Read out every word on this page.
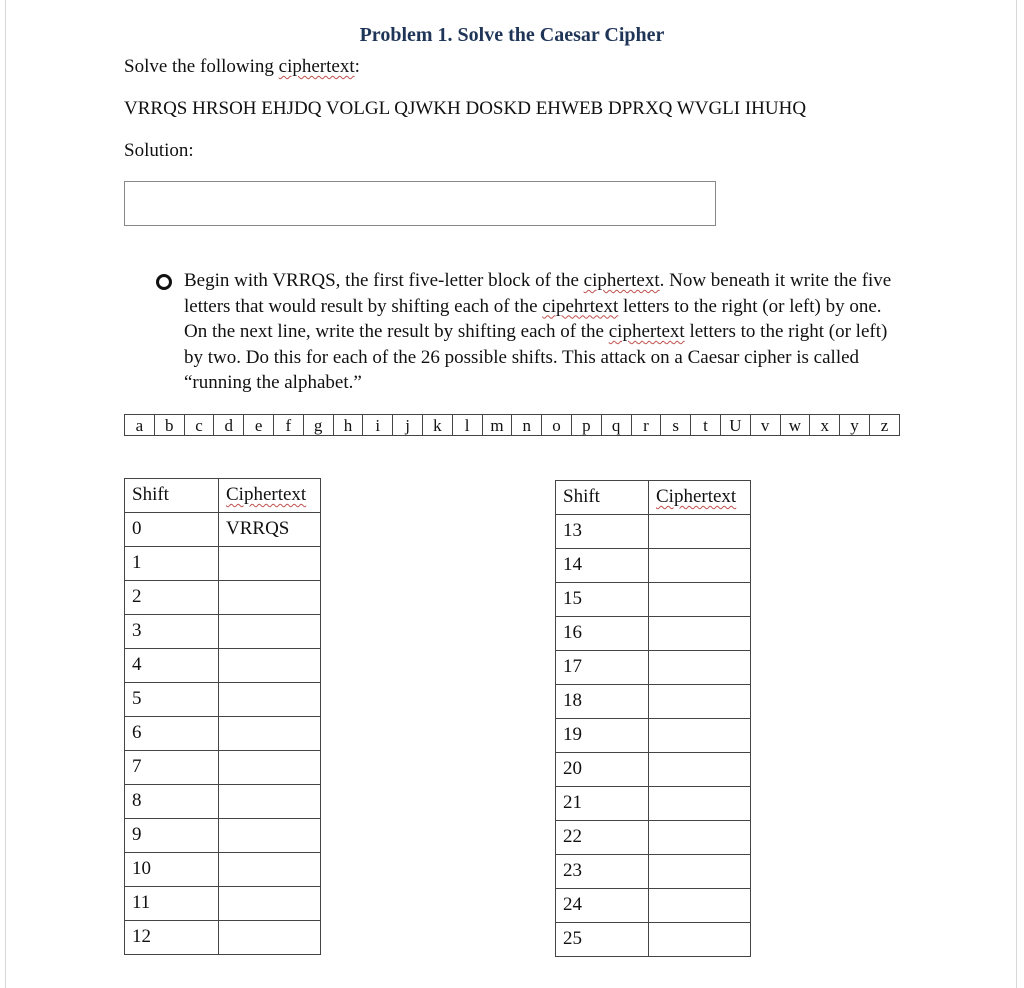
Problem 1. Solve the Caesar Cipher
Solve the following ciphertext:
VRRQS HRSOH EHJDQ VOLGL QJWKH DOSKD EHWEB DPRXQ WVGLI IHUHQ
Solution:
Begin with VRRQS, the first five-letter block of the ciphertext. Now beneath it write the five letters that would result by shifting each of the cipehrtext letters to the right (or left) by one. On the next line, write the result by shifting each of the ciphertext letters to the right (or left) by two. Do this for each of the 26 possible shifts. This attack on a Caesar cipher is called “running the alphabet.”
a	b	c	d	e	f	g	h	i	j	k	l	m	n	o	p	q	r	s	t	U	v	w	x	y	z
Shift	Ciphertext
0	VRRQS
1	
2	
3	
4	
5	
6	
7	
8	
9	
10	
11	
12	
Shift	Ciphertext
13	
14	
15	
16	
17	
18	
19	
20	
21	
22	
23	
24	
25	
